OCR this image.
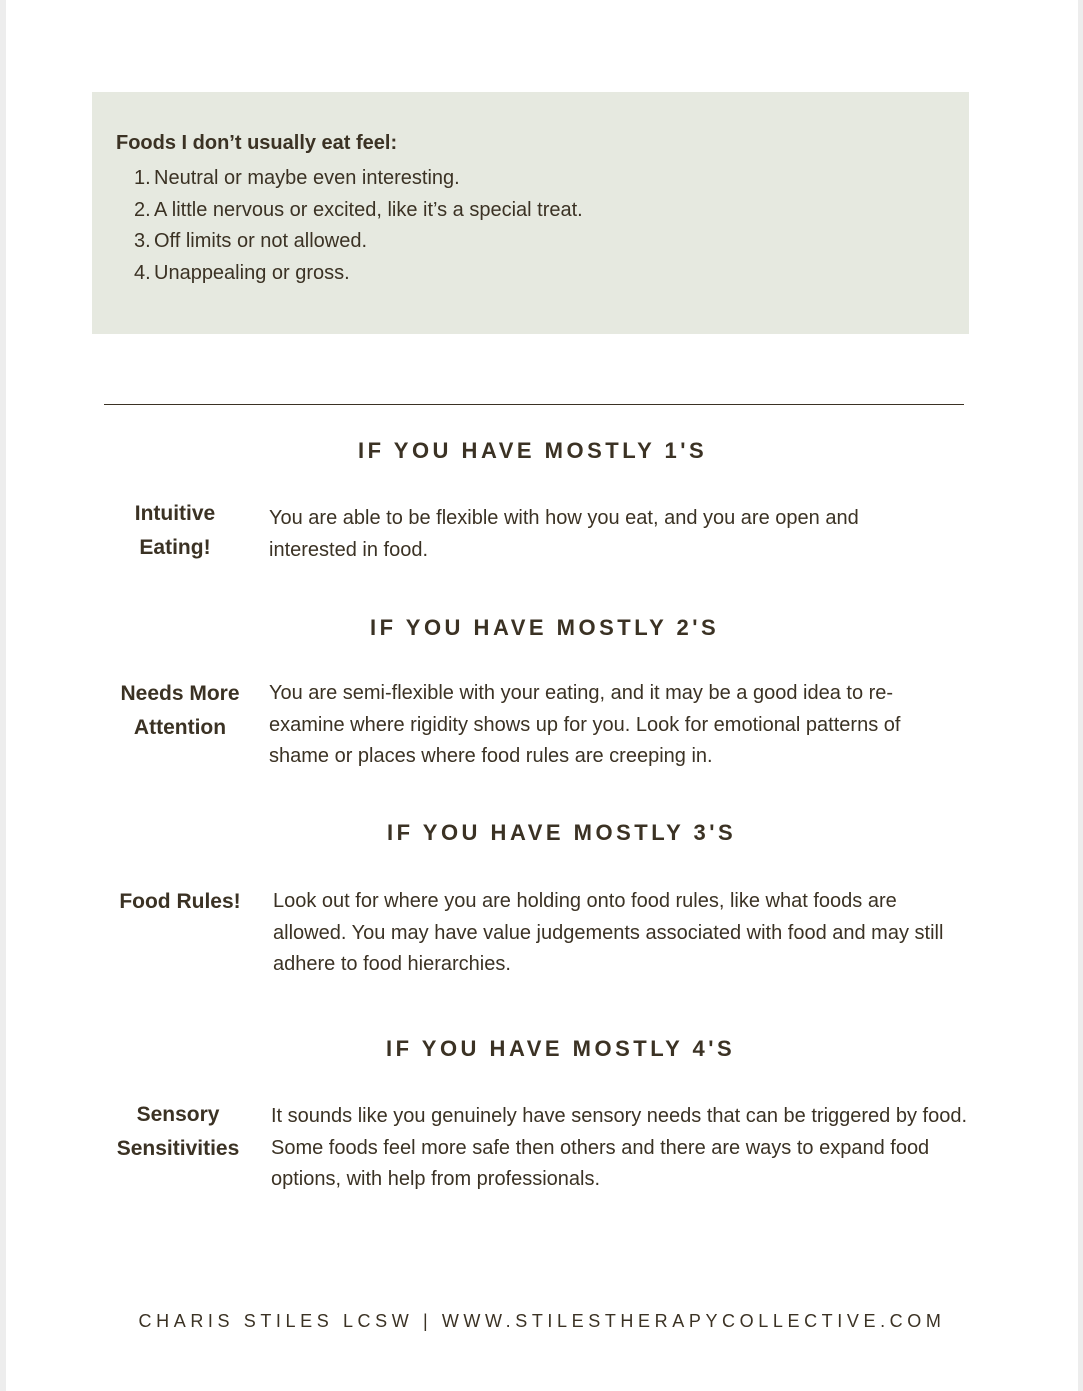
Foods I don’t usually eat feel:
1. Neutral or maybe even interesting.
2. A little nervous or excited, like it’s a special treat.
3. Off limits or not allowed.
4. Unappealing or gross.
IF YOU HAVE MOSTLY 1'S
Intuitive Eating!
You are able to be flexible with how you eat, and you are open and interested in food.
IF YOU HAVE MOSTLY 2'S
Needs More Attention
You are semi-flexible with your eating, and it may be a good idea to re-examine where rigidity shows up for you. Look for emotional patterns of shame or places where food rules are creeping in.
IF YOU HAVE MOSTLY 3'S
Food Rules!	Look out for where you are holding onto food rules, like what foods are allowed. You may have value judgements associated with food and may still adhere to food hierarchies.
IF YOU HAVE MOSTLY 4'S
Sensory Sensitivities
It sounds like you genuinely have sensory needs that can be triggered by food. Some foods feel more safe then others and there are ways to expand food options, with help from professionals.
CHARIS STILES LCSW | WWW.STILESTHERAPYCOLLECTIVE.COM
